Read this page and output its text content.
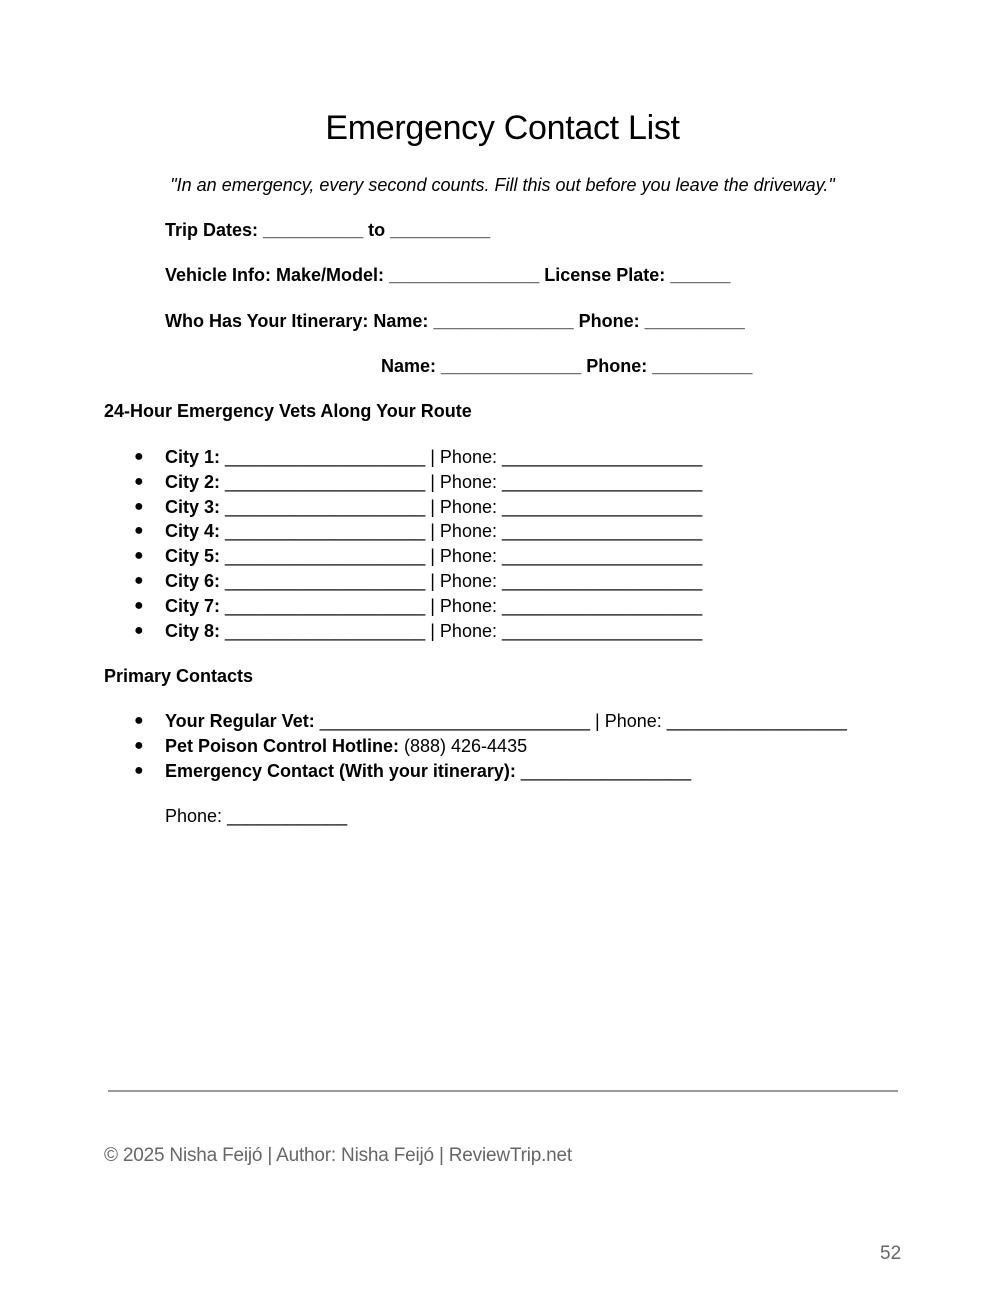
Emergency Contact List
"In an emergency, every second counts. Fill this out before you leave the driveway."
Trip Dates: __________ to __________
Vehicle Info: Make/Model: _______________ License Plate: ______
Who Has Your Itinerary: Name: ______________ Phone: __________
Name: ______________ Phone: __________
24-Hour Emergency Vets Along Your Route
● City 1: ____________________ | Phone: ____________________
● City 2: ____________________ | Phone: ____________________
● City 3: ____________________ | Phone: ____________________
● City 4: ____________________ | Phone: ____________________
● City 5: ____________________ | Phone: ____________________
● City 6: ____________________ | Phone: ____________________
● City 7: ____________________ | Phone: ____________________
● City 8: ____________________ | Phone: ____________________
Primary Contacts
● Your Regular Vet: ___________________________ | Phone: __________________
● Pet Poison Control Hotline: (888) 426-4435
● Emergency Contact (With your itinerary): _________________
Phone: ____________
© 2025 Nisha Feijó | Author: Nisha Feijó | ReviewTrip.net
52
